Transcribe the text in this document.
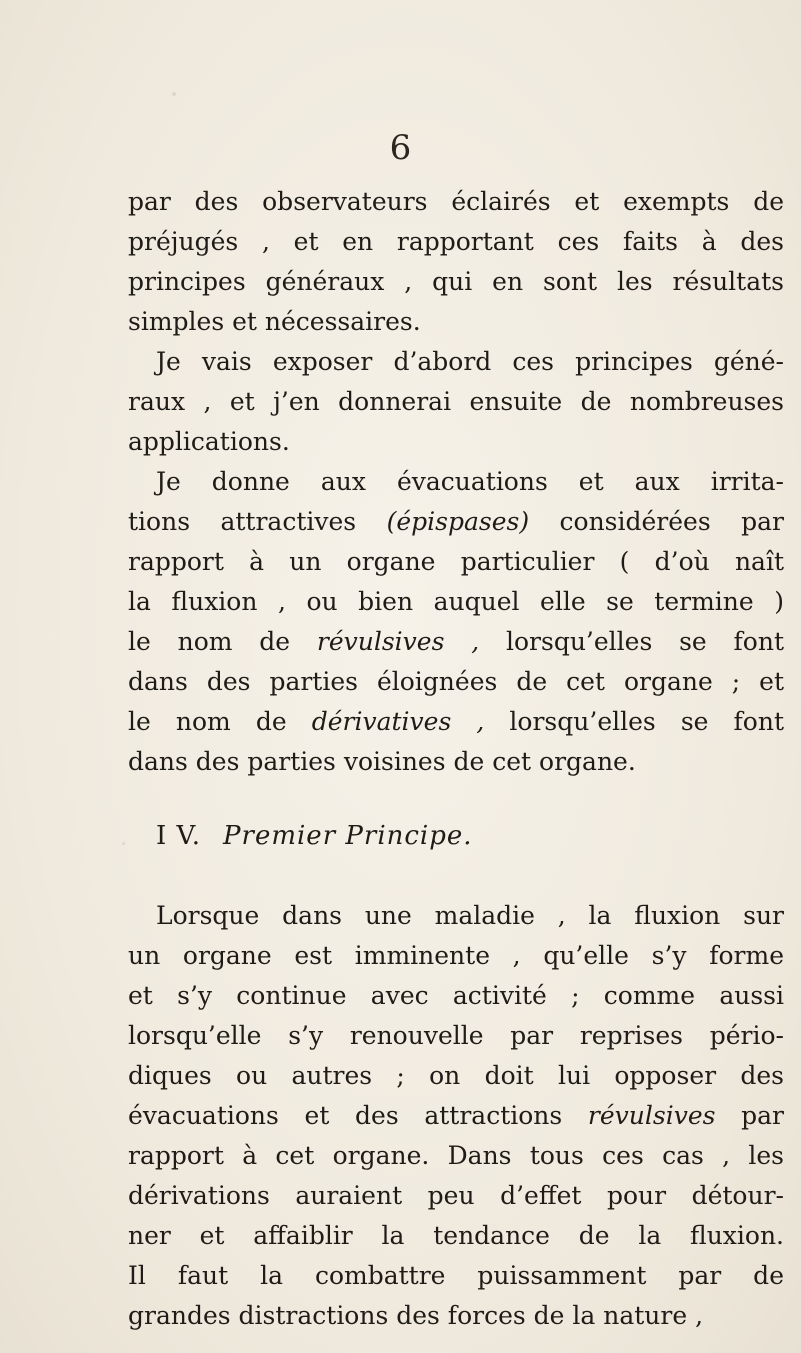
6
par des observateurs éclairés et exempts de
préjugés , et en rapportant ces faits à des
principes généraux , qui en sont les résultats
simples et nécessaires.
Je vais exposer d’abord ces principes géné-
raux , et j’en donnerai ensuite de nombreuses
applications.
Je donne aux évacuations et aux irrita-
tions attractives (épispases) considérées par
rapport à un organe particulier ( d’où naît
la fluxion , ou bien auquel elle se termine )
le nom de révulsives , lorsqu’elles se font
dans des parties éloignées de cet organe ; et
le nom de dérivatives , lorsqu’elles se font
dans des parties voisines de cet organe.
I V. Premier Principe.
Lorsque dans une maladie , la fluxion sur
un organe est imminente , qu’elle s’y forme
et s’y continue avec activité ; comme aussi
lorsqu’elle s’y renouvelle par reprises pério-
diques ou autres ; on doit lui opposer des
évacuations et des attractions révulsives par
rapport à cet organe. Dans tous ces cas , les
dérivations auraient peu d’effet pour détour-
ner et affaiblir la tendance de la fluxion.
Il faut la combattre puissamment par de
grandes distractions des forces de la nature ,
